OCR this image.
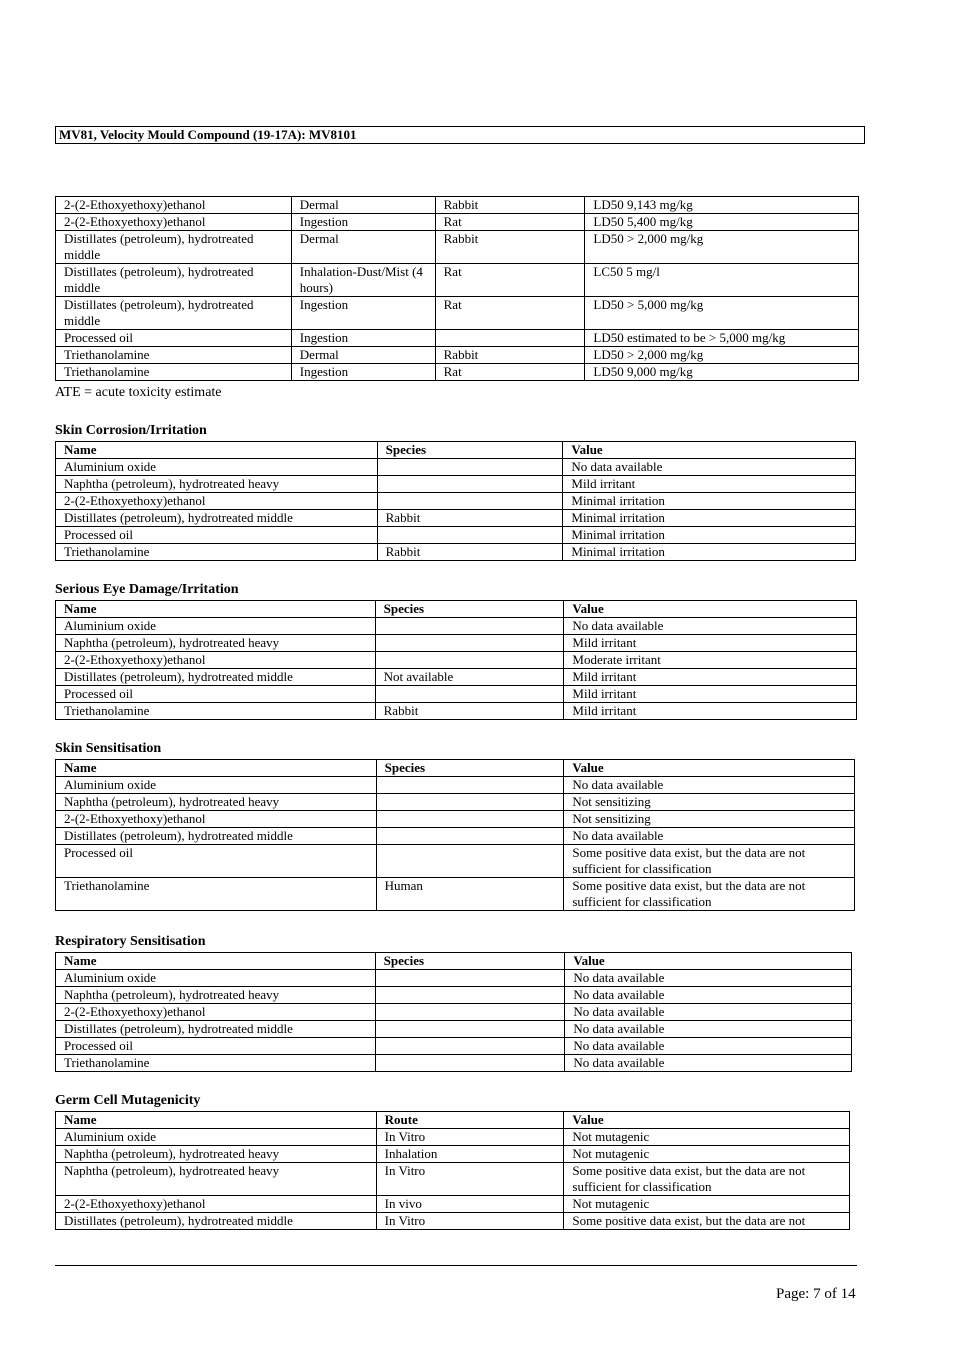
MV81, Velocity Mould Compound (19-17A): MV8101
2-(2-Ethoxyethoxy)ethanol	Dermal	Rabbit	LD50 9,143 mg/kg
2-(2-Ethoxyethoxy)ethanol	Ingestion	Rat	LD50 5,400 mg/kg
Distillates (petroleum), hydrotreated middle	Dermal	Rabbit	LD50 > 2,000 mg/kg
Distillates (petroleum), hydrotreated middle	Inhalation-Dust/Mist (4 hours)	Rat	LC50 5 mg/l
Distillates (petroleum), hydrotreated middle	Ingestion	Rat	LD50 > 5,000 mg/kg
Processed oil	Ingestion		LD50 estimated to be > 5,000 mg/kg
Triethanolamine	Dermal	Rabbit	LD50 > 2,000 mg/kg
Triethanolamine	Ingestion	Rat	LD50 9,000 mg/kg
ATE = acute toxicity estimate
Skin Corrosion/Irritation
Name	Species	Value
Aluminium oxide		No data available
Naphtha (petroleum), hydrotreated heavy		Mild irritant
2-(2-Ethoxyethoxy)ethanol		Minimal irritation
Distillates (petroleum), hydrotreated middle	Rabbit	Minimal irritation
Processed oil		Minimal irritation
Triethanolamine	Rabbit	Minimal irritation
Serious Eye Damage/Irritation
Name	Species	Value
Aluminium oxide		No data available
Naphtha (petroleum), hydrotreated heavy		Mild irritant
2-(2-Ethoxyethoxy)ethanol		Moderate irritant
Distillates (petroleum), hydrotreated middle	Not available	Mild irritant
Processed oil		Mild irritant
Triethanolamine	Rabbit	Mild irritant
Skin Sensitisation
Name	Species	Value
Aluminium oxide		No data available
Naphtha (petroleum), hydrotreated heavy		Not sensitizing
2-(2-Ethoxyethoxy)ethanol		Not sensitizing
Distillates (petroleum), hydrotreated middle		No data available
Processed oil		Some positive data exist, but the data are not sufficient for classification
Triethanolamine	Human	Some positive data exist, but the data are not sufficient for classification
Respiratory Sensitisation
Name	Species	Value
Aluminium oxide		No data available
Naphtha (petroleum), hydrotreated heavy		No data available
2-(2-Ethoxyethoxy)ethanol		No data available
Distillates (petroleum), hydrotreated middle		No data available
Processed oil		No data available
Triethanolamine		No data available
Germ Cell Mutagenicity
Name	Route	Value
Aluminium oxide	In Vitro	Not mutagenic
Naphtha (petroleum), hydrotreated heavy	Inhalation	Not mutagenic
Naphtha (petroleum), hydrotreated heavy	In Vitro	Some positive data exist, but the data are not sufficient for classification
2-(2-Ethoxyethoxy)ethanol	In vivo	Not mutagenic
Distillates (petroleum), hydrotreated middle	In Vitro	Some positive data exist, but the data are not
Page: 7 of 14
